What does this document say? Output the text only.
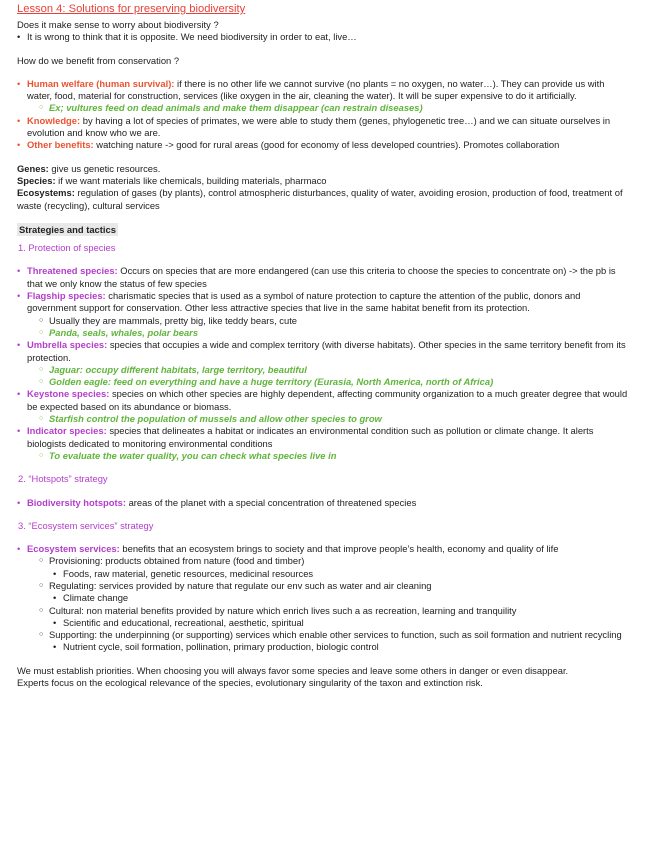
Lesson 4: Solutions for preserving biodiversity
Does it make sense to worry about biodiversity ?
• It is wrong to think that it is opposite. We need biodiversity in order to eat, live…
How do we benefit from conservation ?
• Human welfare (human survival): if there is no other life we cannot survive (no plants = no oxygen, no water…). They can provide us with water, food, material for construction, services (like oxygen in the air, cleaning the water). It will be super expensive to do it artificially.
○ Ex; vultures feed on dead animals and make them disappear (can restrain diseases)
• Knowledge: by having a lot of species of primates, we were able to study them (genes, phylogenetic tree…) and we can situate ourselves in evolution and know who we are.
• Other benefits: watching nature -> good for rural areas (good for economy of less developed countries). Promotes collaboration
Genes: give us genetic resources.
Species: if we want materials like chemicals, building materials, pharmaco
Ecosystems: regulation of gases (by plants), control atmospheric disturbances, quality of water, avoiding erosion, production of food, treatment of waste (recycling), cultural services
Strategies and tactics
1. Protection of species
• Threatened species: Occurs on species that are more endangered (can use this criteria to choose the species to concentrate on) -> the pb is that we only know the status of few species
• Flagship species: charismatic species that is used as a symbol of nature protection to capture the attention of the public, donors and government support for conservation. Other less attractive species that live in the same habitat benefit from its protection.
○ Usually they are mammals, pretty big, like teddy bears, cute
○ Panda, seals, whales, polar bears
• Umbrella species: species that occupies a wide and complex territory (with diverse habitats). Other species in the same territory benefit from its protection.
○ Jaguar: occupy different habitats, large territory, beautiful
○ Golden eagle: feed on everything and have a huge territory (Eurasia, North America, north of Africa)
• Keystone species: species on which other species are highly dependent, affecting community organization to a much greater degree that would be expected based on its abundance or biomass.
○ Starfish control the population of mussels and allow other species to grow
• Indicator species: species that delineates a habitat or indicates an environmental condition such as pollution or climate change. It alerts biologists dedicated to monitoring environmental conditions
○ To evaluate the water quality, you can check what species live in
2. “Hotspots” strategy
• Biodiversity hotspots: areas of the planet with a special concentration of threatened species
3. “Ecosystem services” strategy
• Ecosystem services: benefits that an ecosystem brings to society and that improve people’s health, economy and quality of life
○ Provisioning: products obtained from nature (food and timber)
• Foods, raw material, genetic resources, medicinal resources
○ Regulating: services provided by nature that regulate our env such as water and air cleaning
• Climate change
○ Cultural: non material benefits provided by nature which enrich lives such a as recreation, learning and tranquility
• Scientific and educational, recreational, aesthetic, spiritual
○ Supporting: the underpinning (or supporting) services which enable other services to function, such as soil formation and nutrient recycling
• Nutrient cycle, soil formation, pollination, primary production, biologic control
We must establish priorities. When choosing you will always favor some species and leave some others in danger or even disappear.
Experts focus on the ecological relevance of the species, evolutionary singularity of the taxon and extinction risk.
